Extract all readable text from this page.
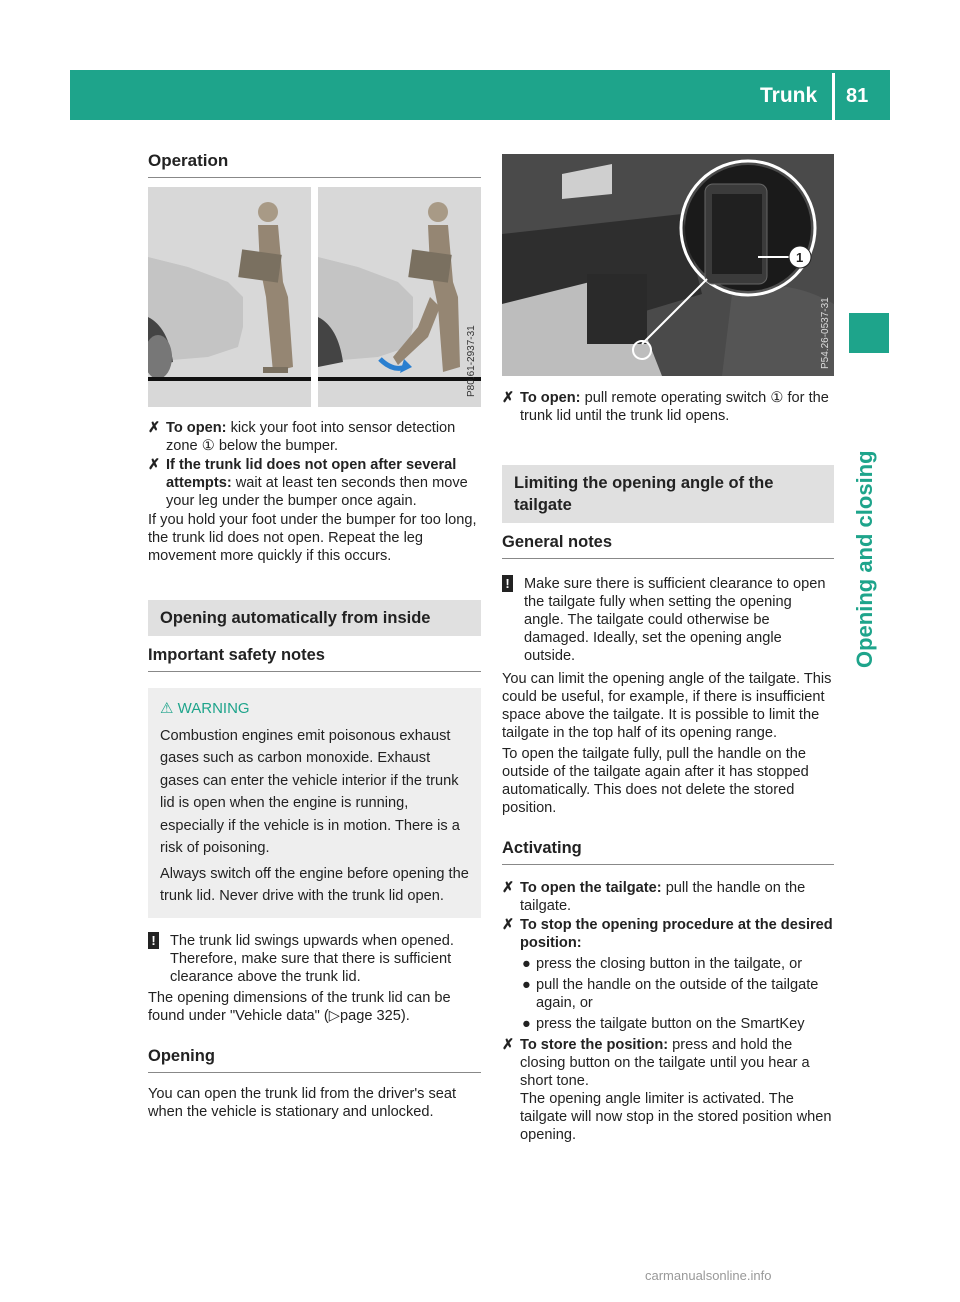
Trunk 81
Opening and closing
Operation
P80.61-2937-31
✗ To open: kick your foot into sensor detection zone ① below the bumper.
✗ If the trunk lid does not open after several attempts: wait at least ten seconds then move your leg under the bumper once again.

If you hold your foot under the bumper for too long, the trunk lid does not open. Repeat the leg movement more quickly if this occurs.

Opening automatically from inside
Important safety notes
⚠ WARNING

Combustion engines emit poisonous exhaust gases such as carbon monoxide. Exhaust gases can enter the vehicle interior if the trunk lid is open when the engine is running, especially if the vehicle is in motion. There is a risk of poisoning.

Always switch off the engine before opening the trunk lid. Never drive with the trunk lid open.

! The trunk lid swings upwards when opened. Therefore, make sure that there is sufficient clearance above the trunk lid.

The opening dimensions of the trunk lid can be found under "Vehicle data" (▷page 325).

Opening

You can open the trunk lid from the driver's seat when the vehicle is stationary and unlocked.

1
P54.26-0537-31
✗ To open: pull remote operating switch ① for the trunk lid until the trunk lid opens.
Limiting the opening angle of the tailgate
General notes
! Make sure there is sufficient clearance to open the tailgate fully when setting the opening angle. The tailgate could otherwise be damaged. Ideally, set the opening angle outside.

You can limit the opening angle of the tailgate. This could be useful, for example, if there is insufficient space above the tailgate. It is possible to limit the tailgate in the top half of its opening range.

To open the tailgate fully, pull the handle on the outside of the tailgate again after it has stopped automatically. This does not delete the stored position.

Activating
✗ To open the tailgate: pull the handle on the tailgate.
✗ To stop the opening procedure at the desired position:
● press the closing button in the tailgate, or
● pull the handle on the outside of the tailgate again, or
● press the tailgate button on the SmartKey
✗ To store the position: press and hold the closing button on the tailgate until you hear a short tone.
The opening angle limiter is activated. The tailgate will now stop in the stored position when opening.
carmanualsonline.info
